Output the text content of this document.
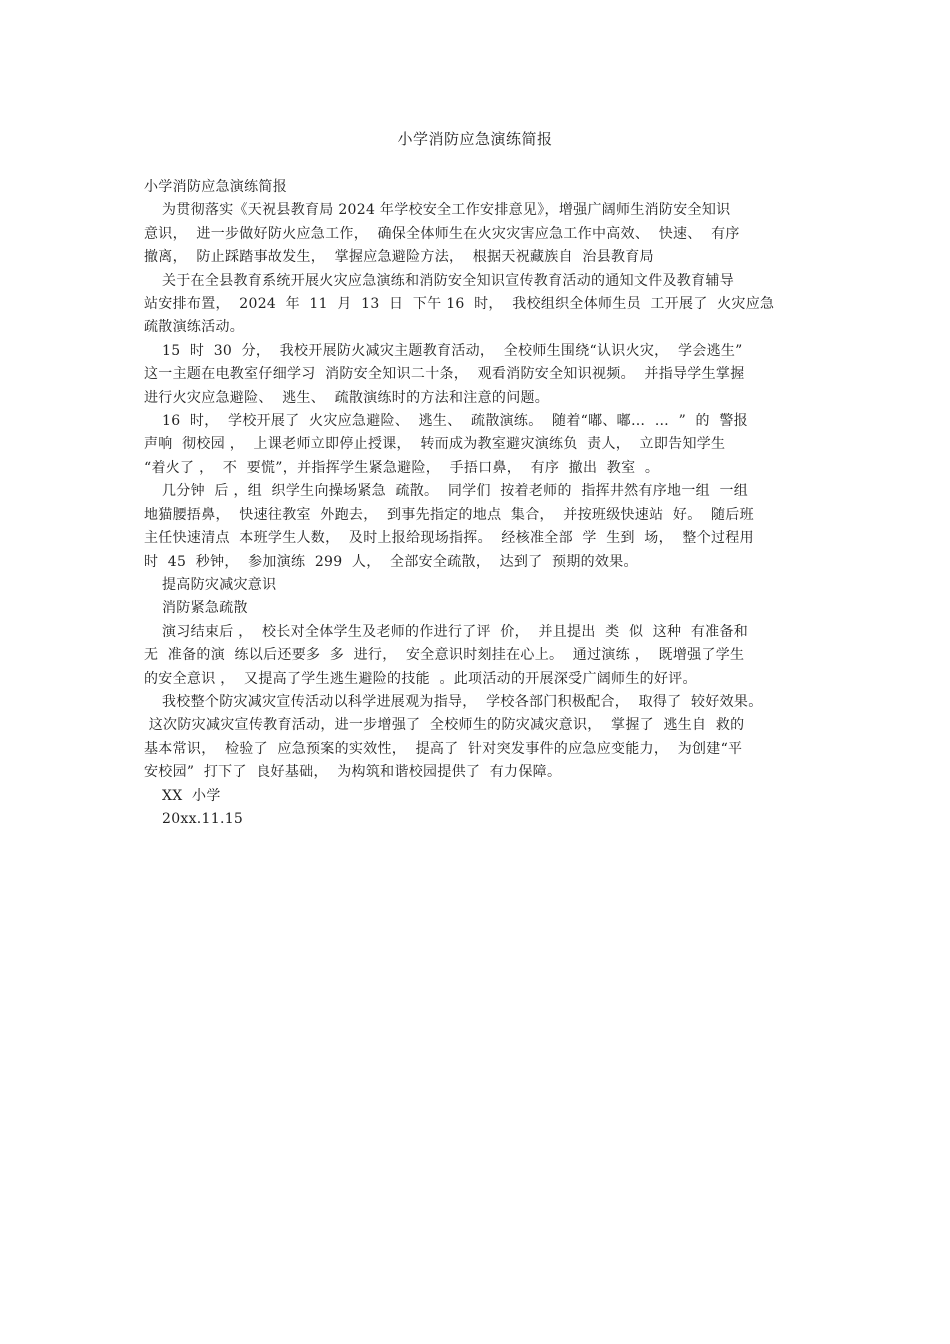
小学消防应急演练简报
小学消防应急演练简报
为贯彻落实《天祝县教育局 2024 年学校安全工作安排意见》，增强广阔师生消防安全知识
意识，  进一步做好防火应急工作，  确保全体师生在火灾灾害应急工作中高效、  快速、  有序
撤离，  防止踩踏事故发生，  掌握应急避险方法，  根据天祝藏族自  治县教育局
关于在全县教育系统开展火灾应急演练和消防安全知识宣传教育活动的通知文件及教育辅导
站安排布置，  2024  年  11  月  13  日  下午 16  时，  我校组织全体师生员  工开展了  火灾应急
疏散演练活动。
15  时  30  分，  我校开展防火减灾主题教育活动，  全校师生围绕“认识火灾，  学会逃生”
这一主题在电教室仔细学习  消防安全知识二十条，  观看消防安全知识视频。  并指导学生掌握
进行火灾应急避险、  逃生、  疏散演练时的方法和注意的问题。
16  时，  学校开展了  火灾应急避险、  逃生、  疏散演练。  随着“嘟、嘟…  …  ”  的  警报
声响  彻校园 ，  上课老师立即停止授课，  转而成为教室避灾演练负  责人，  立即告知学生
“着火了 ，  不  要慌”，并指挥学生紧急避险，  手捂口鼻，  有序  撤出  教室  。
几分钟  后 ，组  织学生向操场紧急  疏散。  同学们  按着老师的  指挥井然有序地一组  一组
地猫腰捂鼻，  快速往教室  外跑去，  到事先指定的地点  集合，  并按班级快速站  好。  随后班
主任快速清点  本班学生人数，  及时上报给现场指挥。  经核准全部  学  生到  场，  整个过程用
时  45  秒钟，  参加演练  299  人，  全部安全疏散，  达到了  预期的效果。
提高防灾减灾意识
消防紧急疏散
演习结束后 ，  校长对全体学生及老师的作进行了评  价，  并且提出  类  似  这种  有准备和
无  准备的演  练以后还要多  多  进行，  安全意识时刻挂在心上。  通过演练 ，  既增强了学生
的安全意识 ，  又提高了学生逃生避险的技能  。此项活动的开展深受广阔师生的好评。
我校整个防灾减灾宣传活动以科学进展观为指导，  学校各部门积极配合，  取得了  较好效果。
这次防灾减灾宣传教育活动，进一步增强了  全校师生的防灾减灾意识，  掌握了  逃生自  救的
基本常识，  检验了  应急预案的实效性，  提高了  针对突发事件的应急应变能力，  为创建“平
安校园”  打下了  良好基础，  为构筑和谐校园提供了  有力保障。
XX  小学
20xx.11.15
